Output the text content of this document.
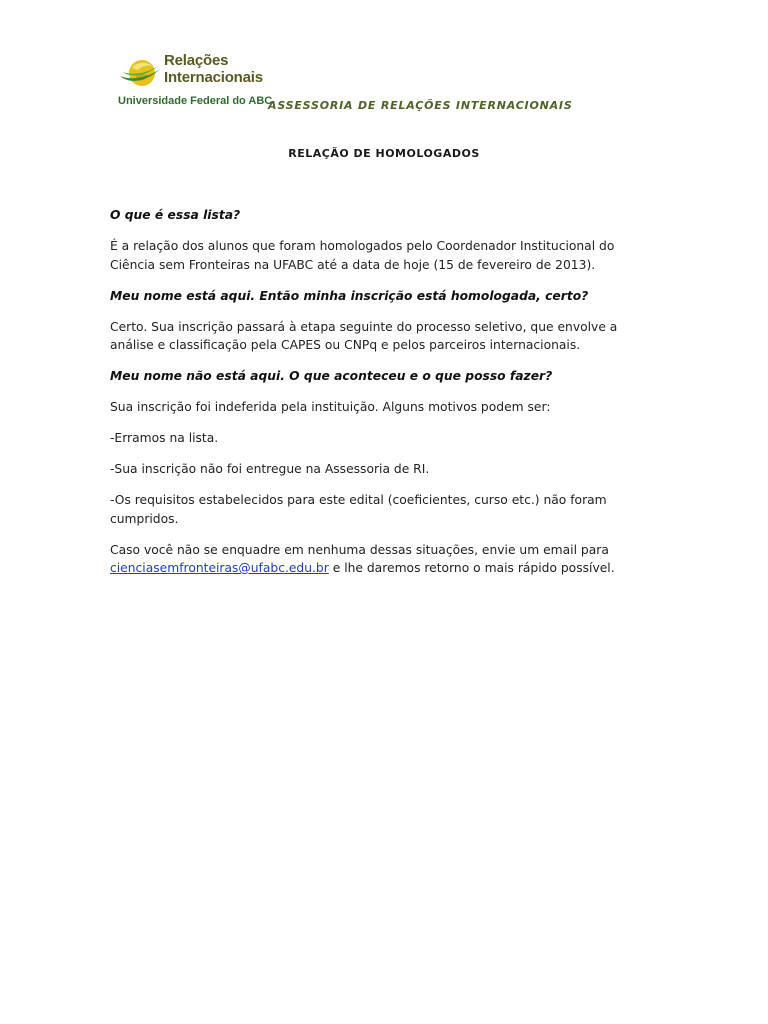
Relações
Internacionais
Universidade Federal do ABC
ASSESSORIA DE RELAÇÕES INTERNACIONAIS
RELAÇÃO DE HOMOLOGADOS

O que é essa lista?

É a relação dos alunos que foram homologados pelo Coordenador Institucional do Ciência sem Fronteiras na UFABC até a data de hoje (15 de fevereiro de 2013).

Meu nome está aqui. Então minha inscrição está homologada, certo?

Certo. Sua inscrição passará à etapa seguinte do processo seletivo, que envolve a análise e classificação pela CAPES ou CNPq e pelos parceiros internacionais.

Meu nome não está aqui. O que aconteceu e o que posso fazer?

Sua inscrição foi indeferida pela instituição. Alguns motivos podem ser:

-Erramos na lista.

-Sua inscrição não foi entregue na Assessoria de RI.

-Os requisitos estabelecidos para este edital (coeficientes, curso etc.) não foram cumpridos.

Caso você não se enquadre em nenhuma dessas situações, envie um email para
cienciasemfronteiras@ufabc.edu.br e lhe daremos retorno o mais rápido possível.
